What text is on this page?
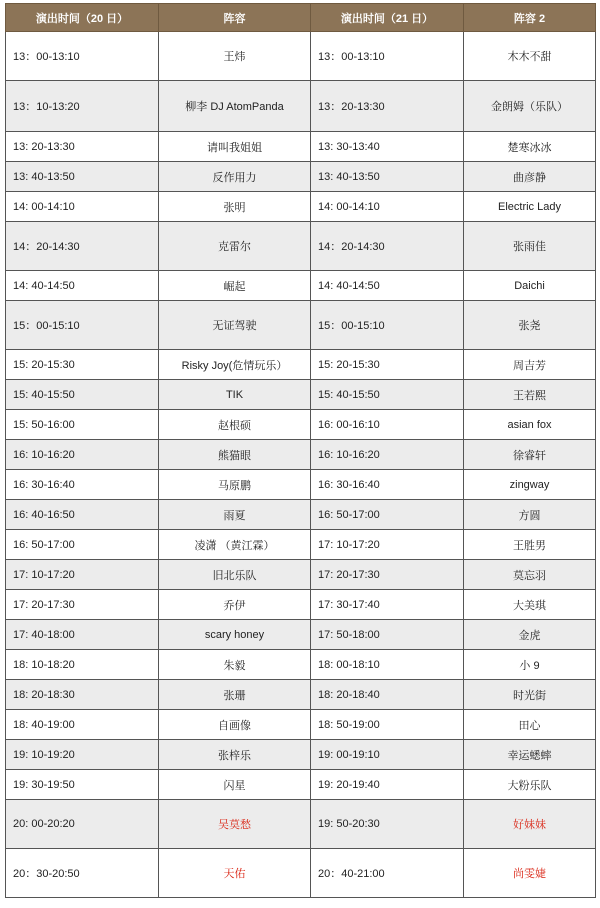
演出时间（20 日）	阵容	演出时间（21 日）	阵容 2
13：00-13:10	王炜	13：00-13:10	木木不甜
13：10-13:20	柳李 DJ AtomPanda	13：20-13:30	金朗姆（乐队）
13: 20-13:30	请叫我姐姐	13: 30-13:40	楚寒冰冰
13: 40-13:50	反作用力	13: 40-13:50	曲彦静
14: 00-14:10	张明	14: 00-14:10	Electric Lady
14：20-14:30	克雷尔	14：20-14:30	张雨佳
14: 40-14:50	崛起	14: 40-14:50	Daichi
15：00-15:10	无证驾驶	15：00-15:10	张尧
15: 20-15:30	Risky Joy(危情玩乐）	15: 20-15:30	周吉芳
15: 40-15:50	TIK	15: 40-15:50	王若熙
15: 50-16:00	赵根硕	16: 00-16:10	asian fox
16: 10-16:20	熊猫眼	16: 10-16:20	徐睿轩
16: 30-16:40	马原鹏	16: 30-16:40	zingway
16: 40-16:50	雨夏	16: 50-17:00	方圆
16: 50-17:00	凌潇 （黄江霖）	17: 10-17:20	王胜男
17: 10-17:20	旧北乐队	17: 20-17:30	莫忘羽
17: 20-17:30	乔伊	17: 30-17:40	大美琪
17: 40-18:00	scary honey	17: 50-18:00	金虎
18: 10-18:20	朱毅	18: 00-18:10	小 9
18: 20-18:30	张珊	18: 20-18:40	时光街
18: 40-19:00	自画像	18: 50-19:00	田心
19: 10-19:20	张梓乐	19: 00-19:10	幸运蟋蟀
19: 30-19:50	闪星	19: 20-19:40	大粉乐队
20: 00-20:20	吴莫愁	19: 50-20:30	好妹妹
20：30-20:50	天佑	20：40-21:00	尚雯婕
